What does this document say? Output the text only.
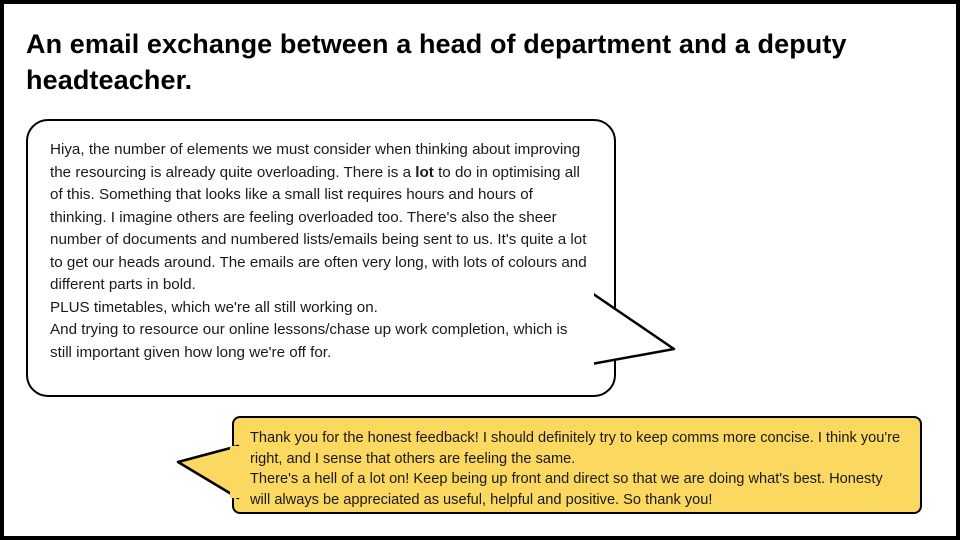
An email exchange between a head of department and a deputy headteacher.

Hiya, the number of elements we must consider when thinking about improving the resourcing is already quite overloading. There is a lot to do in optimising all of this. Something that looks like a small list requires hours and hours of thinking. I imagine others are feeling overloaded too. There's also the sheer number of documents and numbered lists/emails being sent to us. It's quite a lot to get our heads around. The emails are often very long, with lots of colours and different parts in bold.

PLUS timetables, which we're all still working on.

And trying to resource our online lessons/chase up work completion, which is still important given how long we're off for.

Thank you for the honest feedback! I should definitely try to keep comms more concise. I think you're right, and I sense that others are feeling the same.

There's a hell of a lot on! Keep being up front and direct so that we are doing what's best. Honesty will always be appreciated as useful, helpful and positive. So thank you!
